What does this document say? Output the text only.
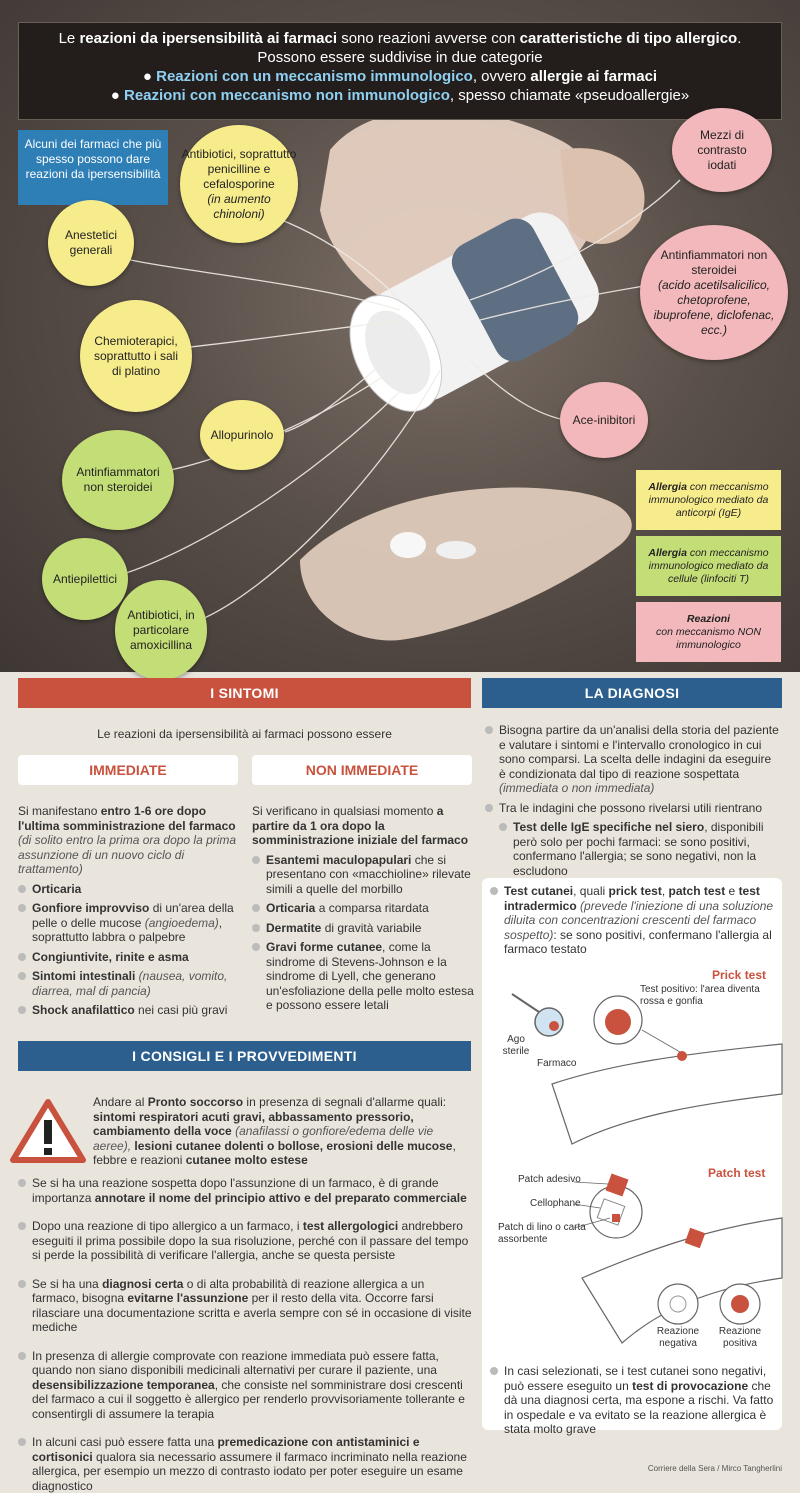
Le reazioni da ipersensibilità ai farmaci sono reazioni avverse con caratteristiche di tipo allergico.
Possono essere suddivise in due categorie
● Reazioni con un meccanismo immunologico, ovvero allergie ai farmaci
● Reazioni con meccanismo non immunologico, spesso chiamate «pseudoallergie»
Alcuni dei farmaci che più spesso possono dare reazioni da ipersensibilità
Antibiotici, soprattutto penicilline e cefalosporine
(in aumento chinoloni)
Anestetici generali
Chemioterapici, soprattutto i sali di platino
Allopurinolo
Antinfiammatori non steroidei
Antiepilettici
Antibiotici, in particolare amoxicillina
Mezzi di contrasto iodati
Antinfiammatori non steroidei
(acido acetilsalicilico, chetoprofene, ibuprofene, diclofenac, ecc.)
Ace-inibitori
Allergia con meccanismo immunologico mediato da anticorpi (IgE)
Allergia con meccanismo immunologico mediato da cellule (linfociti T)
Reazioni
con meccanismo NON immunologico
I SINTOMI
Le reazioni da ipersensibilità ai farmaci possono essere
IMMEDIATE	NON IMMEDIATE
Si manifestano entro 1-6 ore dopo l'ultima somministrazione del farmaco
(di solito entro la prima ora dopo la prima assunzione di un nuovo ciclo di trattamento)
Orticaria
Gonfiore improvviso di un'area della pelle o delle mucose (angioedema), soprattutto labbra o palpebre
Congiuntivite, rinite e asma
Sintomi intestinali (nausea, vomito, diarrea, mal di pancia)
Shock anafilattico nei casi più gravi
Si verificano in qualsiasi momento a partire da 1 ora dopo la somministrazione iniziale del farmaco
Esantemi maculopapulari che si presentano con «macchioline» rilevate simili a quelle del morbillo
Orticaria a comparsa ritardata
Dermatite di gravità variabile
Gravi forme cutanee, come la sindrome di Stevens-Johnson e la sindrome di Lyell, che generano un'esfoliazione della pelle molto estesa e possono essere letali
I CONSIGLI E I PROVVEDIMENTI
Andare al Pronto soccorso in presenza di segnali d'allarme quali: sintomi respiratori acuti gravi, abbassamento pressorio, cambiamento della voce (anafilassi o gonfiore/edema delle vie aeree), lesioni cutanee dolenti o bollose, erosioni delle mucose, febbre e reazioni cutanee molto estese
Se si ha una reazione sospetta dopo l'assunzione di un farmaco, è di grande importanza annotare il nome del principio attivo e del preparato commerciale
Dopo una reazione di tipo allergico a un farmaco, i test allergologici andrebbero eseguiti il prima possibile dopo la sua risoluzione, perché con il passare del tempo si perde la possibilità di verificare l'allergia, anche se questa persiste
Se si ha una diagnosi certa o di alta probabilità di reazione allergica a un farmaco, bisogna evitarne l'assunzione per il resto della vita. Occorre farsi rilasciare una documentazione scritta e averla sempre con sé in occasione di visite mediche
In presenza di allergie comprovate con reazione immediata può essere fatta, quando non siano disponibili medicinali alternativi per curare il paziente, una desensibilizzazione temporanea, che consiste nel somministrare dosi crescenti del farmaco a cui il soggetto è allergico per renderlo provvisoriamente tollerante e consentirgli di assumere la terapia
In alcuni casi può essere fatta una premedicazione con antistaminici e cortisonici qualora sia necessario assumere il farmaco incriminato nella reazione allergica, per esempio un mezzo di contrasto iodato per poter eseguire un esame diagnostico
LA DIAGNOSI
Bisogna partire da un'analisi della storia del paziente e valutare i sintomi e l'intervallo cronologico in cui sono comparsi. La scelta delle indagini da eseguire è condizionata dal tipo di reazione sospettata (immediata o non immediata)
Tra le indagini che possono rivelarsi utili rientrano
Test delle IgE specifiche nel siero, disponibili però solo per pochi farmaci: se sono positivi, confermano l'allergia; se sono negativi, non la escludono
Test cutanei, quali prick test, patch test e test intradermico (prevede l'iniezione di una soluzione diluita con concentrazioni crescenti del farmaco sospetto): se sono positivi, confermano l'allergia al farmaco testato
Prick test
Test positivo: l'area diventa rossa e gonfia
Ago sterile
Farmaco
Patch test
Patch adesivo
Cellophane
Patch di lino o carta assorbente
Reazione negativa
Reazione positiva
In casi selezionati, se i test cutanei sono negativi, può essere eseguito un test di provocazione che dà una diagnosi certa, ma espone a rischi. Va fatto in ospedale e va evitato se la reazione allergica è stata molto grave
Corriere della Sera / Mirco Tangherlini
